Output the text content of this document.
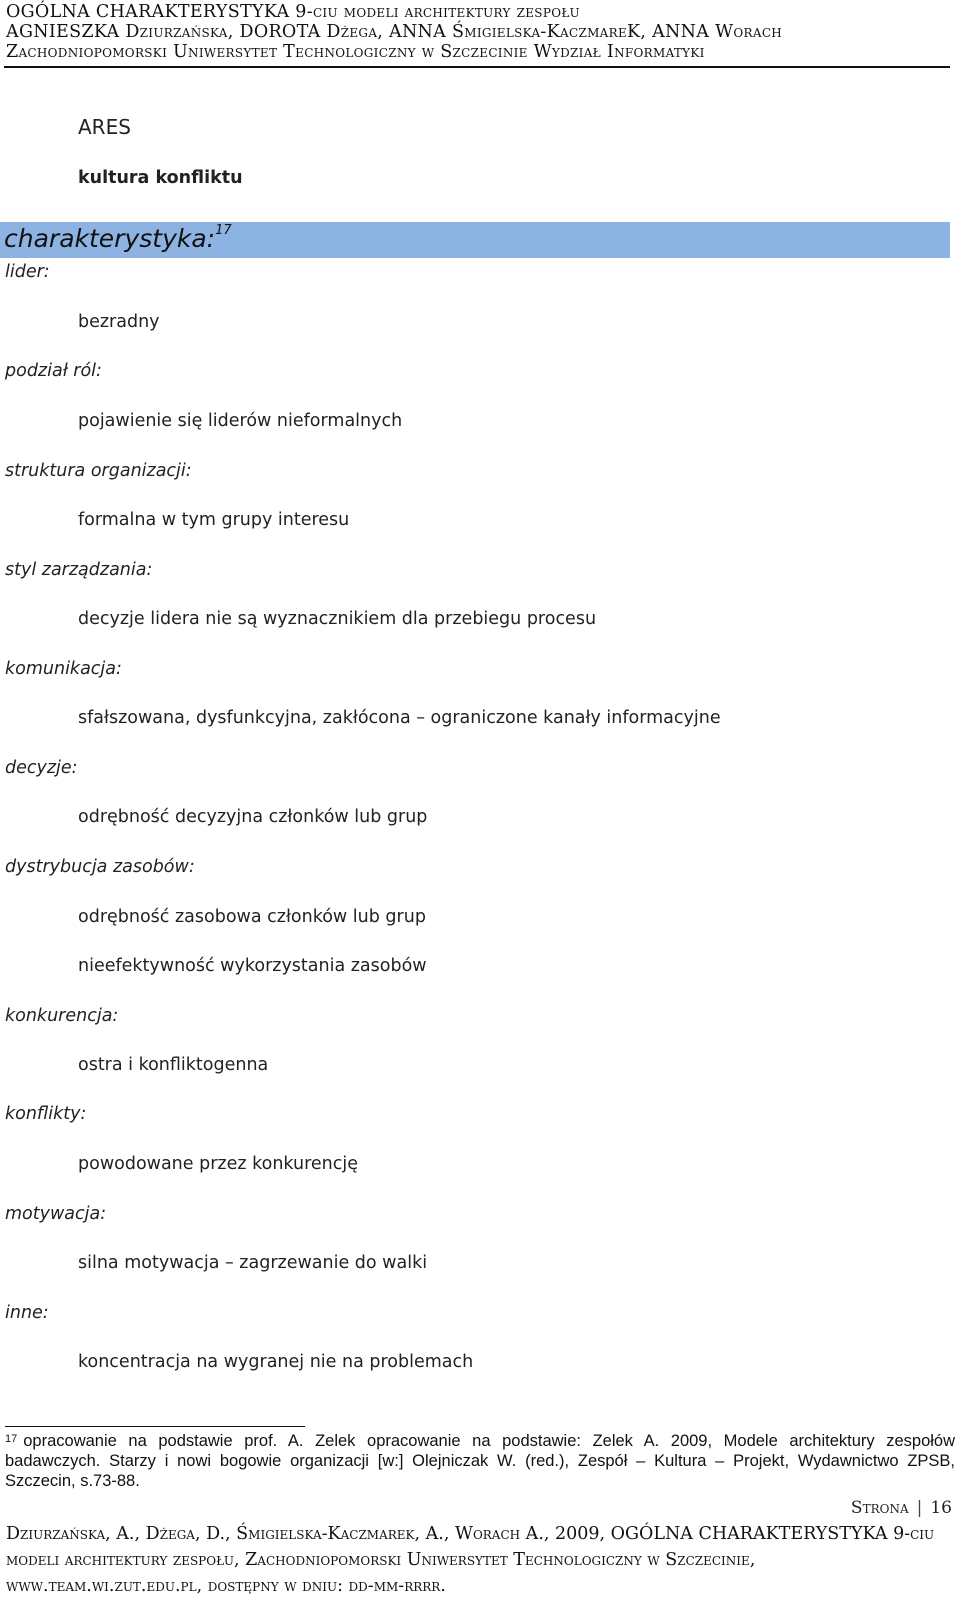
OGÓLNA CHARAKTERYSTYKA 9-ciu modeli architektury zespołu
AGNIESZKA Dziurzańska, DOROTA Dżega, ANNA Śmigielska-KaczmareK, ANNA Worach
Zachodniopomorski Uniwersytet Technologiczny w Szczecinie Wydział Informatyki
ARES
kultura konfliktu
charakterystyka:$^{17}$
lider:
bezradny
podział ról:
pojawienie się liderów nieformalnych
struktura organizacji:
formalna w tym grupy interesu
styl zarządzania:
decyzje lidera nie są wyznacznikiem dla przebiegu procesu
komunikacja:
sfałszowana, dysfunkcyjna, zakłócona – ograniczone kanały informacyjne
decyzje:
odrębność decyzyjna członków lub grup
dystrybucja zasobów:
odrębność zasobowa członków lub grup
nieefektywność wykorzystania zasobów
konkurencja:
ostra i konfliktogenna
konflikty:
powodowane przez konkurencję
motywacja:
silna motywacja – zagrzewanie do walki
inne:
koncentracja na wygranej nie na problemach
$^{17}$ opracowanie na podstawie prof. A. Zelek opracowanie na podstawie: Zelek A. 2009, Modele architektury zespołów badawczych. Starzy i nowi bogowie organizacji [w:] Olejniczak W. (red.), Zespół – Kultura – Projekt, Wydawnictwo ZPSB, Szczecin, s.73-88.
Strona | 16
Dziurzańska, A., Dżega, D., Śmigielska-Kaczmarek, A., Worach A., 2009, OGÓLNA CHARAKTERYSTYKA 9-ciu modeli architektury zespołu, Zachodniopomorski Uniwersytet Technologiczny w Szczecinie, www.team.wi.zut.edu.pl, dostępny w dniu: dd-mm-rrrr.
